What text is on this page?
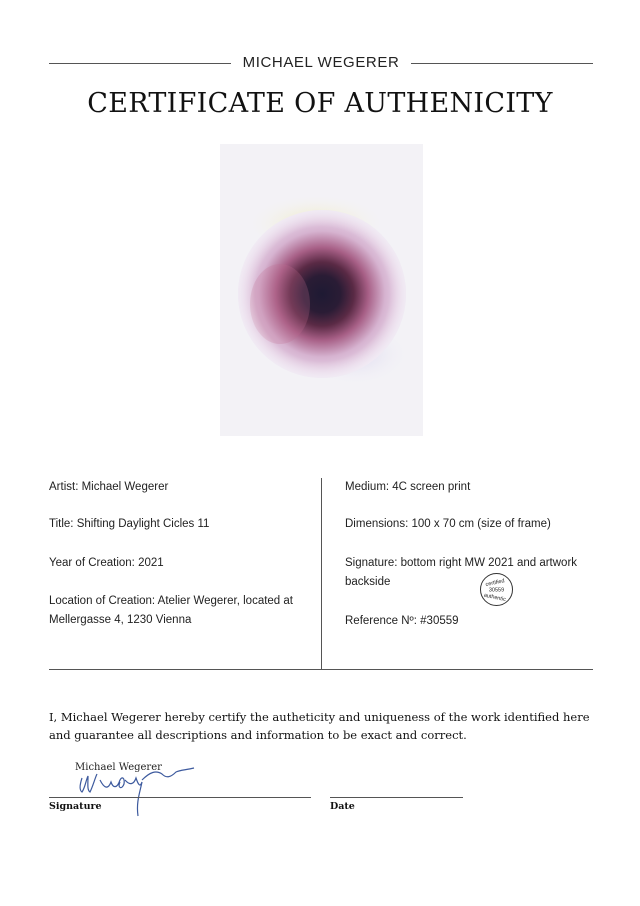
MICHAEL WEGERER
CERTIFICATE OF AUTHENICITY
Artist: Michael Wegerer
Title: Shifting Daylight Cicles 11
Year of Creation: 2021
Location of Creation: Atelier Wegerer, located at Mellergasse 4, 1230 Vienna
Medium: 4C screen print
Dimensions: 100 x 70 cm (size of frame)
Signature: bottom right MW 2021 and artwork backside
Reference Nº: #30559
certified
30559
authentic
I, Michael Wegerer hereby certify the autheticity and uniqueness of the work identified here and guarantee all descriptions and information to be exact and correct.
Michael Wegerer
Signature	Date
